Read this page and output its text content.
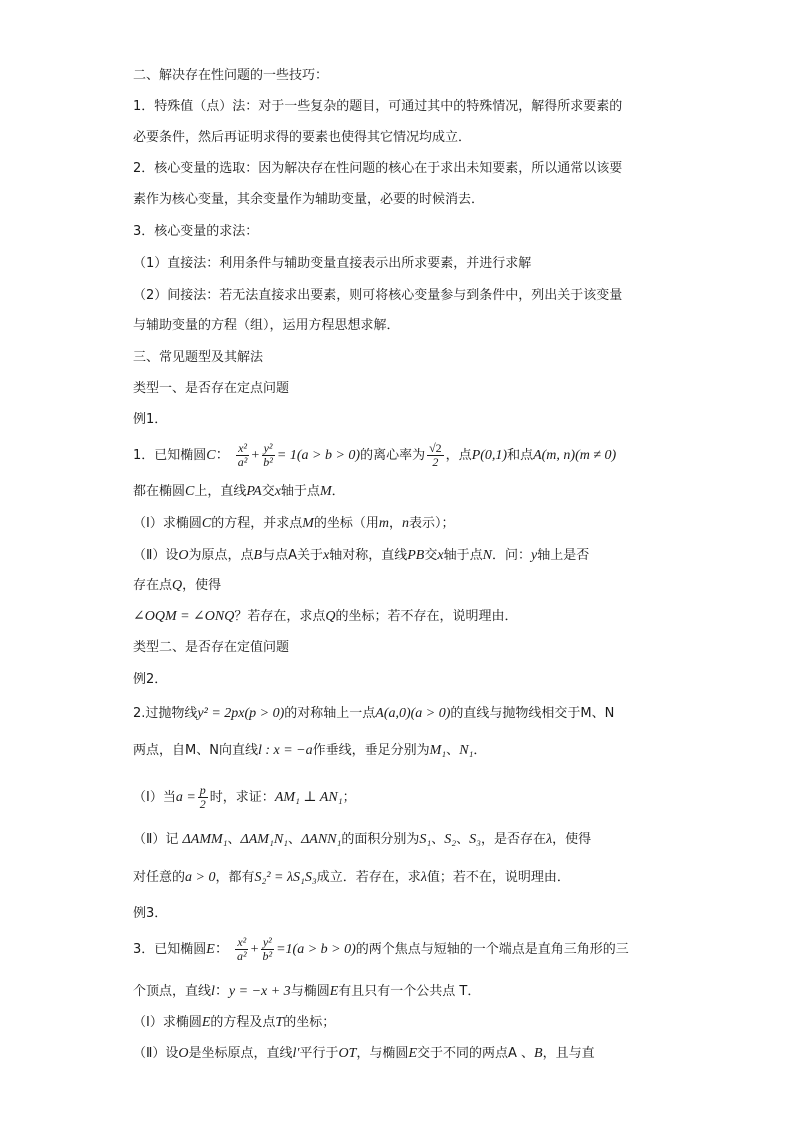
二、解决存在性问题的一些技巧：
1．特殊值（点）法：对于一些复杂的题目，可通过其中的特殊情况，解得所求要素的
必要条件，然后再证明求得的要素也使得其它情况均成立．
2．核心变量的选取：因为解决存在性问题的核心在于求出未知要素，所以通常以该要
素作为核心变量，其余变量作为辅助变量，必要的时候消去．
3．核心变量的求法：
（1）直接法：利用条件与辅助变量直接表示出所求要素，并进行求解
（2）间接法：若无法直接求出要素，则可将核心变量参与到条件中，列出关于该变量
与辅助变量的方程（组），运用方程思想求解．
三、常见题型及其解法
类型一、是否存在定点问题
例1．
1．已知椭圆C： $\frac{\text{x²}}{\text{a²}} + \frac{\text{y²}}{\text{b²}} = 1(a > b > 0)$的离心率为 $\frac{√2}{2}$ ，点P(0,1)和点A(m, n)(m ≠ 0)
都在椭圆C上，直线PA交x轴于点M．
（Ⅰ）求椭圆C的方程，并求点M的坐标（用m，n表示）；
（Ⅱ）设O为原点，点B与点A关于x轴对称，直线PB交x轴于点N．问：y轴上是否
存在点Q，使得
∠OQM = ∠ONQ？若存在，求点Q的坐标；若不存在，说明理由．
类型二、是否存在定值问题
例2．
2.过抛物线y² = 2px(p > 0)的对称轴上一点A(a,0)(a > 0)的直线与抛物线相交于M、N
两点，自M、N向直线l : x = −a作垂线，垂足分别为M₁、N₁．
（Ⅰ）当$a = \frac{p}{2}$ 时，求证：AM₁ ⊥ AN₁；
（Ⅱ）记 ΔAMM₁、ΔAM₁N₁、ΔANN₁的面积分别为S₁、S₂、S₃，是否存在λ，使得
对任意的a > 0，都有S₂² = λS₁S₃成立．若存在，求λ值；若不在，说明理由．
例3．
3．已知椭圆E： $\frac{\text{x²}}{\text{a²}} + \frac{\text{y²}}{\text{b²}} =1(a > b > 0)$的两个焦点与短轴的一个端点是直角三角形的三
个顶点，直线l：y = −x + 3与椭圆E有且只有一个公共点 T．
（Ⅰ）求椭圆E的方程及点T的坐标；
（Ⅱ）设O是坐标原点，直线l′平行于OT，与椭圆E交于不同的两点A 、B，且与直
